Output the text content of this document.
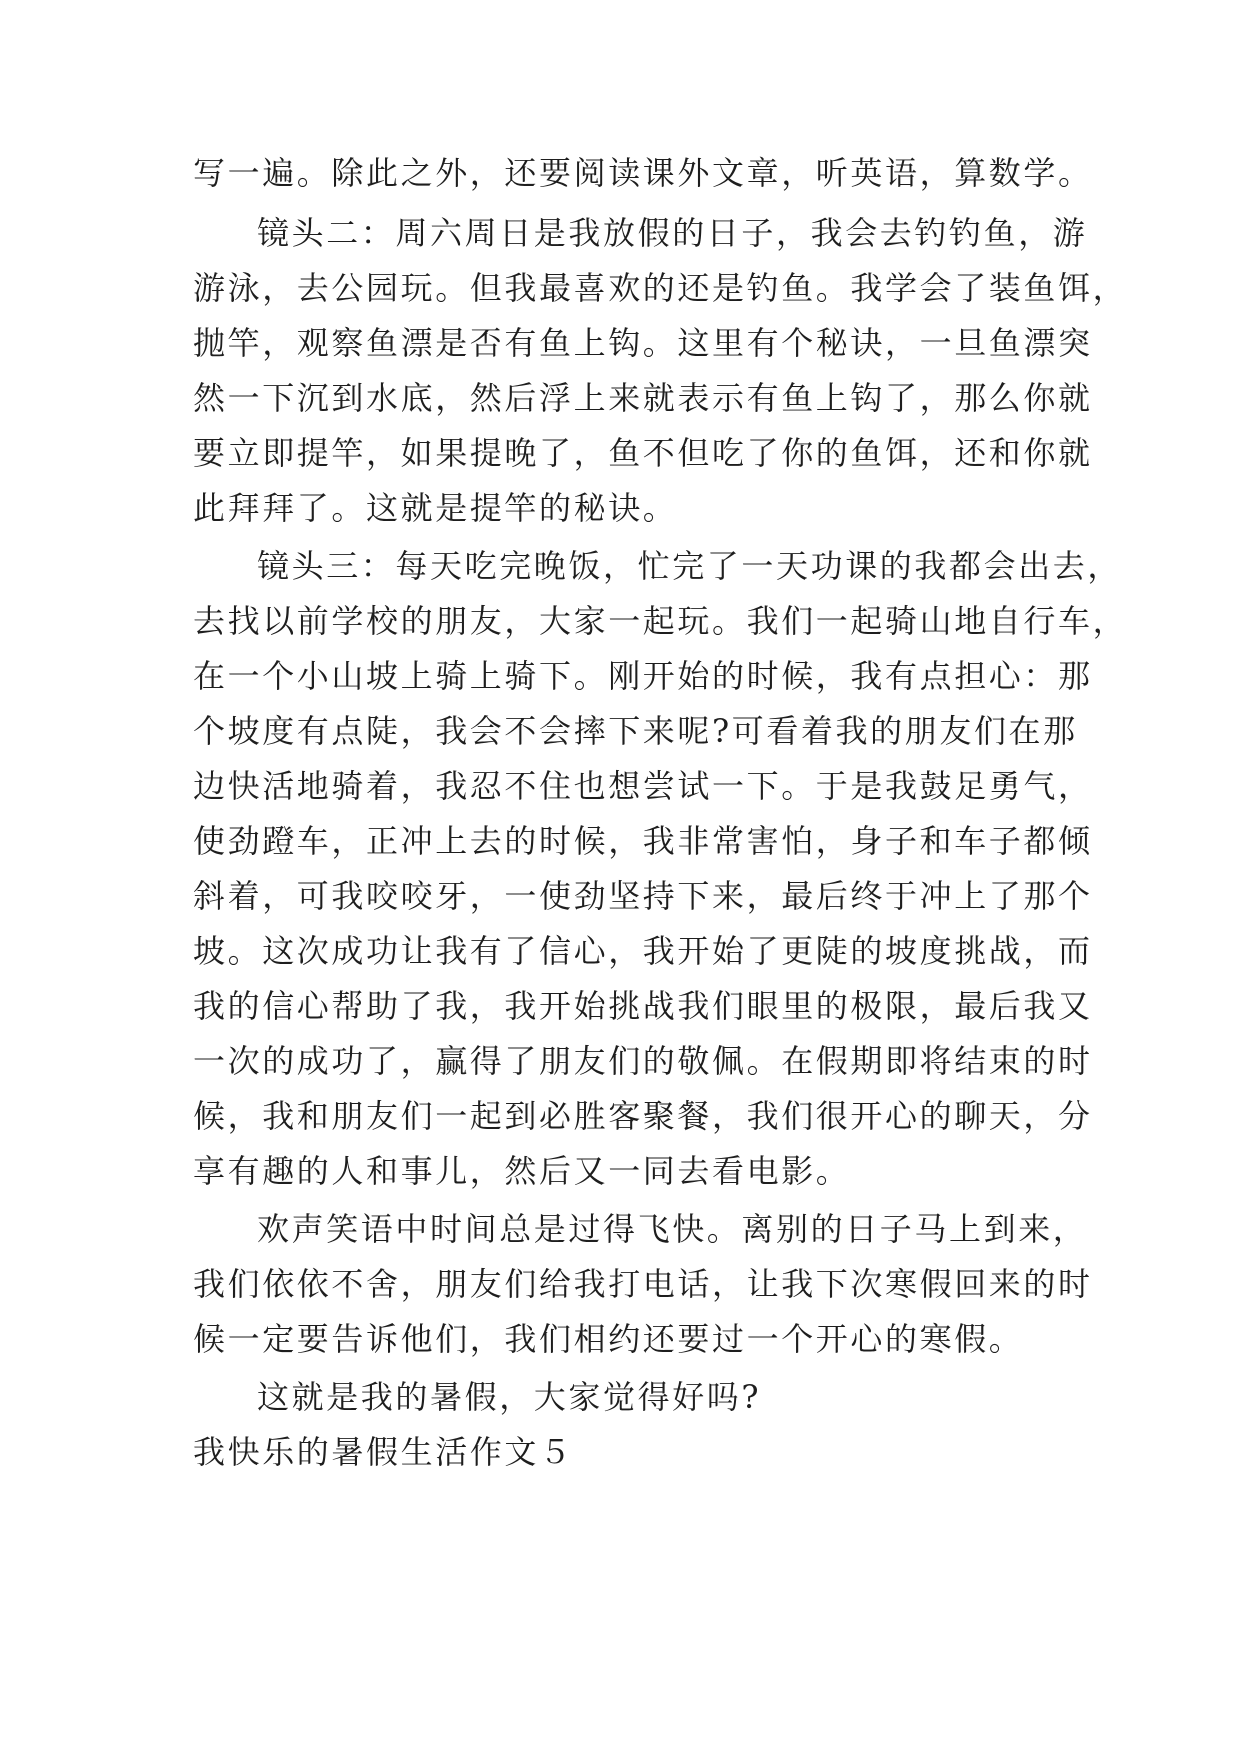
写一遍。除此之外，还要阅读课外文章，听英语，算数学。
镜头二：周六周日是我放假的日子，我会去钓钓鱼，游
游泳，去公园玩。但我最喜欢的还是钓鱼。我学会了装鱼饵，
抛竿，观察鱼漂是否有鱼上钩。这里有个秘诀，一旦鱼漂突
然一下沉到水底，然后浮上来就表示有鱼上钩了，那么你就
要立即提竿，如果提晚了，鱼不但吃了你的鱼饵，还和你就
此拜拜了。这就是提竿的秘诀。
镜头三：每天吃完晚饭，忙完了一天功课的我都会出去，
去找以前学校的朋友，大家一起玩。我们一起骑山地自行车，
在一个小山坡上骑上骑下。刚开始的时候，我有点担心：那
个坡度有点陡，我会不会摔下来呢?可看着我的朋友们在那
边快活地骑着，我忍不住也想尝试一下。于是我鼓足勇气，
使劲蹬车，正冲上去的时候，我非常害怕，身子和车子都倾
斜着，可我咬咬牙，一使劲坚持下来，最后终于冲上了那个
坡。这次成功让我有了信心，我开始了更陡的坡度挑战，而
我的信心帮助了我，我开始挑战我们眼里的极限，最后我又
一次的成功了，赢得了朋友们的敬佩。在假期即将结束的时
候，我和朋友们一起到必胜客聚餐，我们很开心的聊天，分
享有趣的人和事儿，然后又一同去看电影。
欢声笑语中时间总是过得飞快。离别的日子马上到来，
我们依依不舍，朋友们给我打电话，让我下次寒假回来的时
候一定要告诉他们，我们相约还要过一个开心的寒假。
这就是我的暑假，大家觉得好吗?
我快乐的暑假生活作文５
